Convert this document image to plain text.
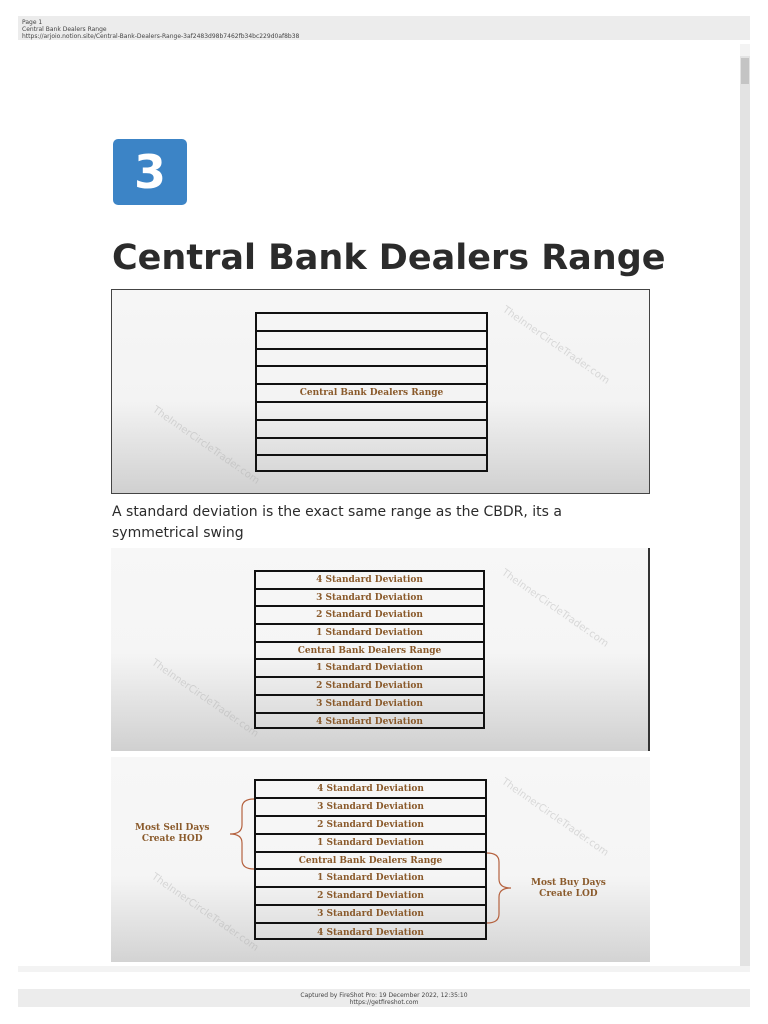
Page 1
Central Bank Dealers Range
https://arjoio.notion.site/Central-Bank-Dealers-Range-3af2483d98b7462fb34bc229d0af8b38
3
Central Bank Dealers Range
TheInnerCircleTrader.com
TheInnerCircleTrader.com
Central Bank Dealers Range

A standard deviation is the exact same range as the CBDR, its a symmetrical swing

TheInnerCircleTrader.com
TheInnerCircleTrader.com
4 Standard Deviation
3 Standard Deviation
2 Standard Deviation
1 Standard Deviation
Central Bank Dealers Range
1 Standard Deviation
2 Standard Deviation
3 Standard Deviation
4 Standard Deviation
TheInnerCircleTrader.com
TheInnerCircleTrader.com
4 Standard Deviation
3 Standard Deviation
2 Standard Deviation
1 Standard Deviation
Central Bank Dealers Range
1 Standard Deviation
2 Standard Deviation
3 Standard Deviation
4 Standard Deviation
Most Sell Days
Create HOD
Most Buy Days
Create LOD
Captured by FireShot Pro: 19 December 2022, 12:35:10
https://getfireshot.com
